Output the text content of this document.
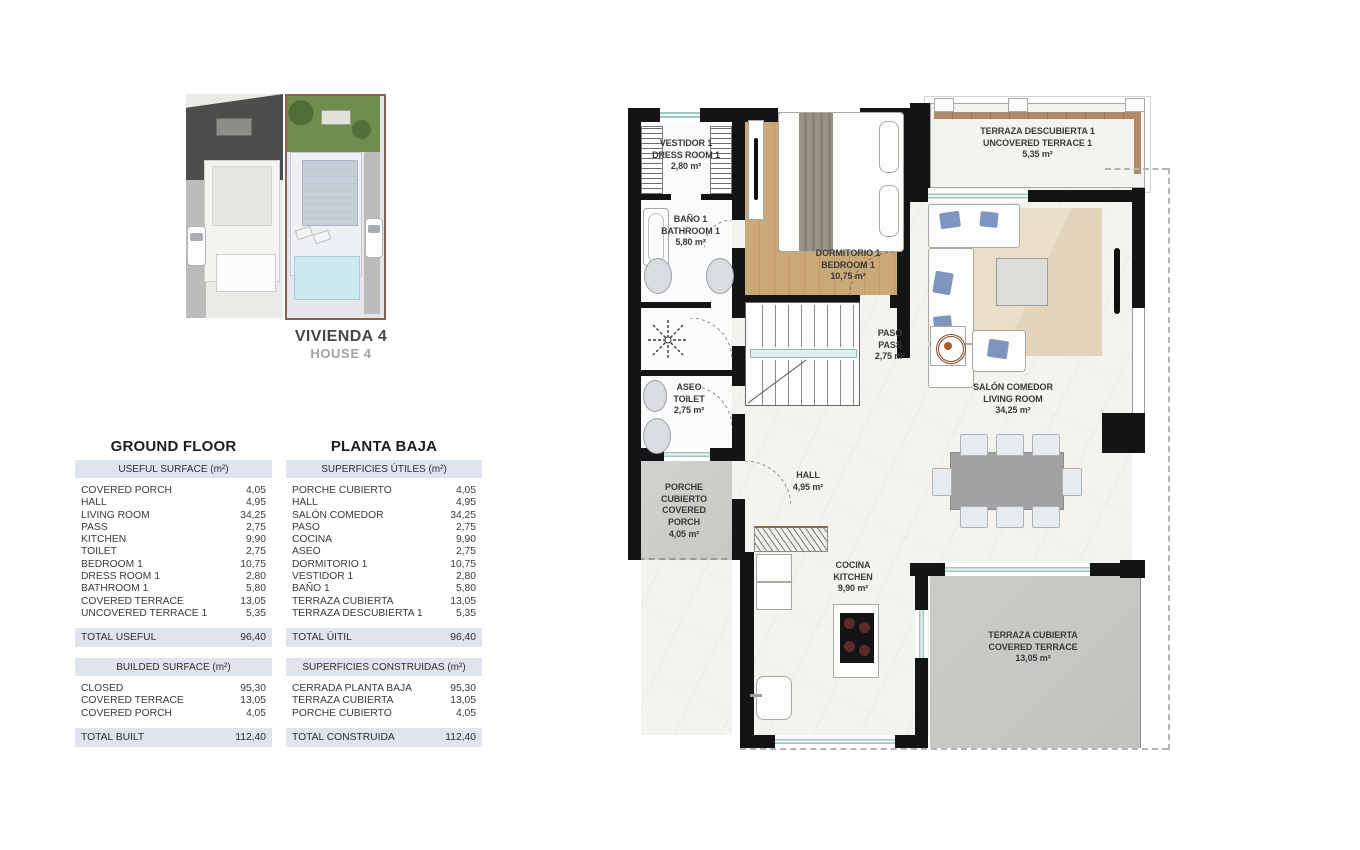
VIVIENDA 4
HOUSE 4
GROUND FLOOR
USEFUL SURFACE (m²)
COVERED PORCH	4,05
HALL	4,95
LIVING ROOM	34,25
PASS	2,75
KITCHEN	9,90
TOILET	2,75
BEDROOM 1	10,75
DRESS ROOM 1	2,80
BATHROOM 1	5,80
COVERED TERRACE	13,05
UNCOVERED TERRACE 1	5,35
TOTAL USEFUL	96,40
BUILDED SURFACE (m²)
CLOSED	95,30
COVERED TERRACE	13,05
COVERED PORCH	4,05
TOTAL BUILT	112,40
PLANTA BAJA
SUPERFICIES ÚTILES (m²)
PORCHE CUBIERTO	4,05
HALL	4,95
SALÓN COMEDOR	34,25
PASO	2,75
COCINA	9,90
ASEO	2,75
DORMITORIO 1	10,75
VESTIDOR 1	2,80
BAÑO 1	5,80
TERRAZA CUBIERTA	13,05
TERRAZA DESCUBIERTA 1	5,35
TOTAL ÚITIL	96,40
SUPERFICIES CONSTRUIDAS (m²)
CERRADA PLANTA BAJA	95,30
TERRAZA CUBIERTA	13,05
PORCHE CUBIERTO	4,05
TOTAL CONSTRUIDA	112,40
VESTIDOR 1
DRESS ROOM 1
2,80 m²
BAÑO 1
BATHROOM 1
5,80 m²
DORMITORIO 1
BEDROOM 1
10,75 m²
TERRAZA DESCUBIERTA 1
UNCOVERED TERRACE 1
5,35 m²
PASO
PASS
2,75 m²
SALÓN COMEDOR
LIVING ROOM
34,25 m²
ASEO
TOILET
2,75 m²
HALL
4,95 m²
PORCHE CUBIERTO
COVERED PORCH
4,05 m²
COCINA
KITCHEN
9,90 m²
TERRAZA CUBIERTA
COVERED TERRACE
13,05 m²
